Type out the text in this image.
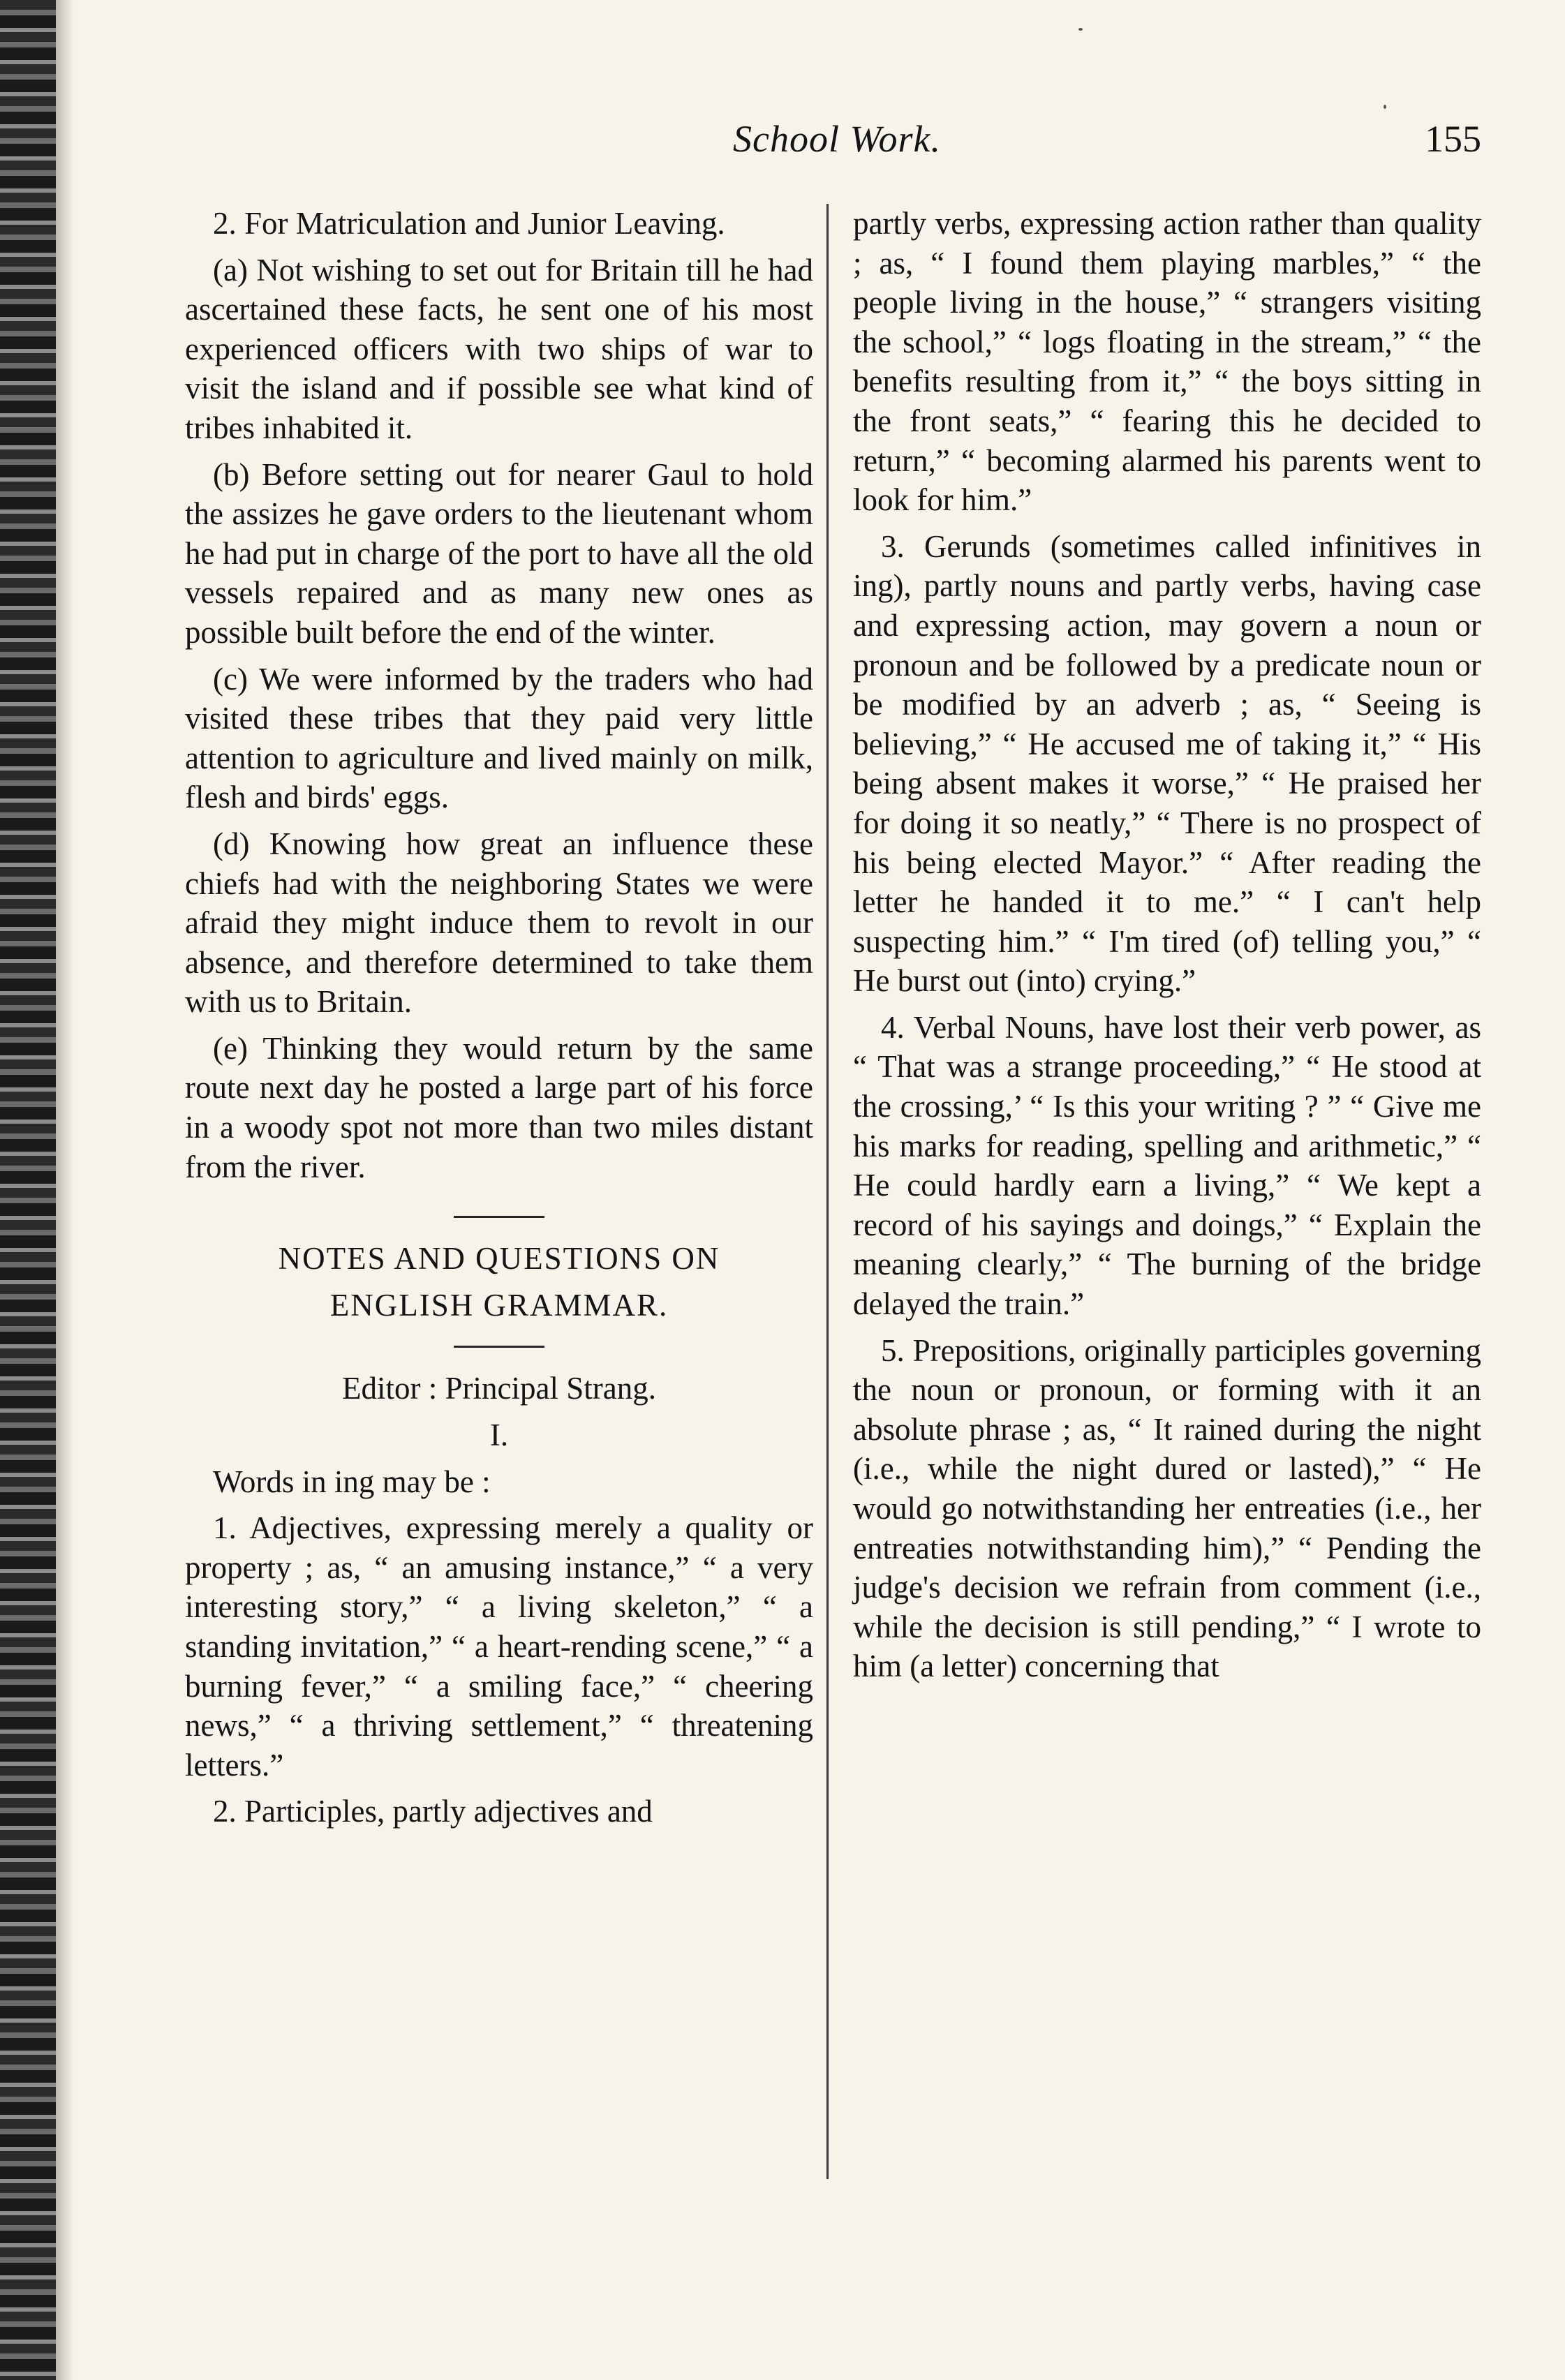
School Work.	155

2. For Matriculation and Junior Leaving.

(a) Not wishing to set out for Britain till he had ascertained these facts, he sent one of his most experienced officers with two ships of war to visit the island and if possible see what kind of tribes inhabited it.

(b) Before setting out for nearer Gaul to hold the assizes he gave orders to the lieutenant whom he had put in charge of the port to have all the old vessels repaired and as many new ones as possible built before the end of the winter.

(c) We were informed by the traders who had visited these tribes that they paid very little attention to agriculture and lived mainly on milk, flesh and birds' eggs.

(d) Knowing how great an influence these chiefs had with the neighboring States we were afraid they might induce them to revolt in our absence, and therefore determined to take them with us to Britain.

(e) Thinking they would return by the same route next day he posted a large part of his force in a woody spot not more than two miles distant from the river.

NOTES AND QUESTIONS ON

ENGLISH GRAMMAR.

Editor : Principal Strang.

I.

Words in ing may be :

1. Adjectives, expressing merely a quality or property ; as, “ an amusing instance,” “ a very interesting story,” “ a living skeleton,” “ a standing invitation,” “ a heart-rending scene,” “ a burning fever,” “ a smiling face,” “ cheering news,” “ a thriving settlement,” “ threatening letters.”

2. Participles, partly adjectives and

partly verbs, expressing action rather than quality ; as, “ I found them playing marbles,” “ the people living in the house,” “ strangers visiting the school,” “ logs floating in the stream,” “ the benefits resulting from it,” “ the boys sitting in the front seats,” “ fearing this he decided to return,” “ becoming alarmed his parents went to look for him.”

3. Gerunds (sometimes called infinitives in ing), partly nouns and partly verbs, having case and expressing action, may govern a noun or pronoun and be followed by a predicate noun or be modified by an adverb ; as, “ Seeing is believing,” “ He accused me of taking it,” “ His being absent makes it worse,” “ He praised her for doing it so neatly,” “ There is no prospect of his being elected Mayor.” “ After reading the letter he handed it to me.” “ I can't help suspecting him.” “ I'm tired (of) telling you,” “ He burst out (into) crying.”

4. Verbal Nouns, have lost their verb power, as “ That was a strange proceeding,” “ He stood at the crossing,’ “ Is this your writing ? ” “ Give me his marks for reading, spelling and arithmetic,” “ He could hardly earn a living,” “ We kept a record of his sayings and doings,” “ Explain the meaning clearly,” “ The burning of the bridge delayed the train.”

5. Prepositions, originally participles governing the noun or pronoun, or forming with it an absolute phrase ; as, “ It rained during the night (i.e., while the night dured or lasted),” “ He would go notwithstanding her entreaties (i.e., her entreaties notwithstanding him),” “ Pending the judge's decision we refrain from comment (i.e., while the decision is still pending,” “ I wrote to him (a letter) concerning that
